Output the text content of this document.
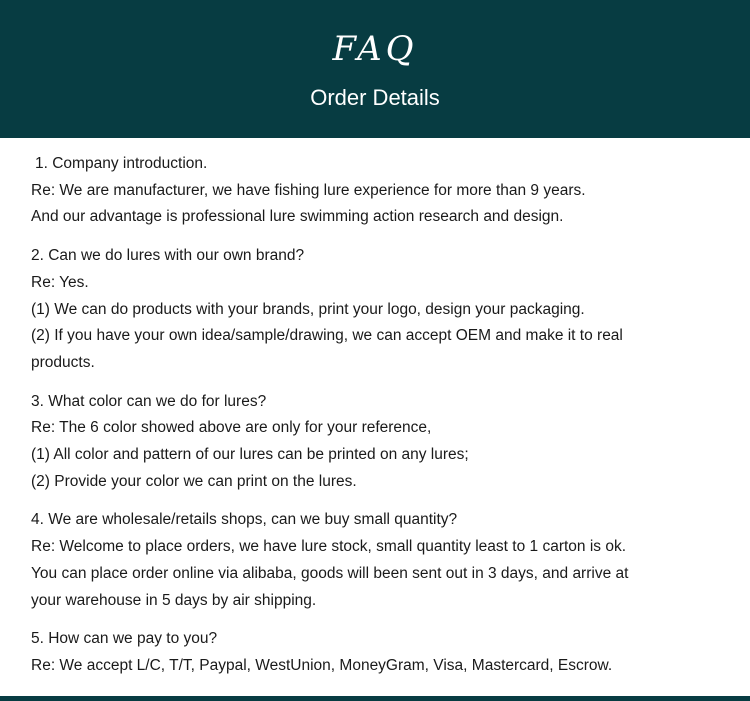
FAQ
Order Details
1. Company introduction.
Re: We are manufacturer, we have fishing lure experience for more than 9 years.
And our advantage is professional lure swimming action research and design.
2. Can we do lures with our own brand?
Re: Yes.
(1) We can do products with your brands, print your logo, design your packaging.
(2) If you have your own idea/sample/drawing, we can accept OEM and make it to real
products.
3. What color can we do for lures?
Re: The 6 color showed above are only for your reference,
(1) All color and pattern of our lures can be printed on any lures;
(2) Provide your color we can print on the lures.
4. We are wholesale/retails shops, can we buy small quantity?
Re: Welcome to place orders, we have lure stock, small quantity least to 1 carton is ok.
You can place order online via alibaba, goods will been sent out in 3 days, and arrive at
your warehouse in 5 days by air shipping.
5. How can we pay to you?
Re: We accept L/C, T/T, Paypal, WestUnion, MoneyGram, Visa, Mastercard, Escrow.
